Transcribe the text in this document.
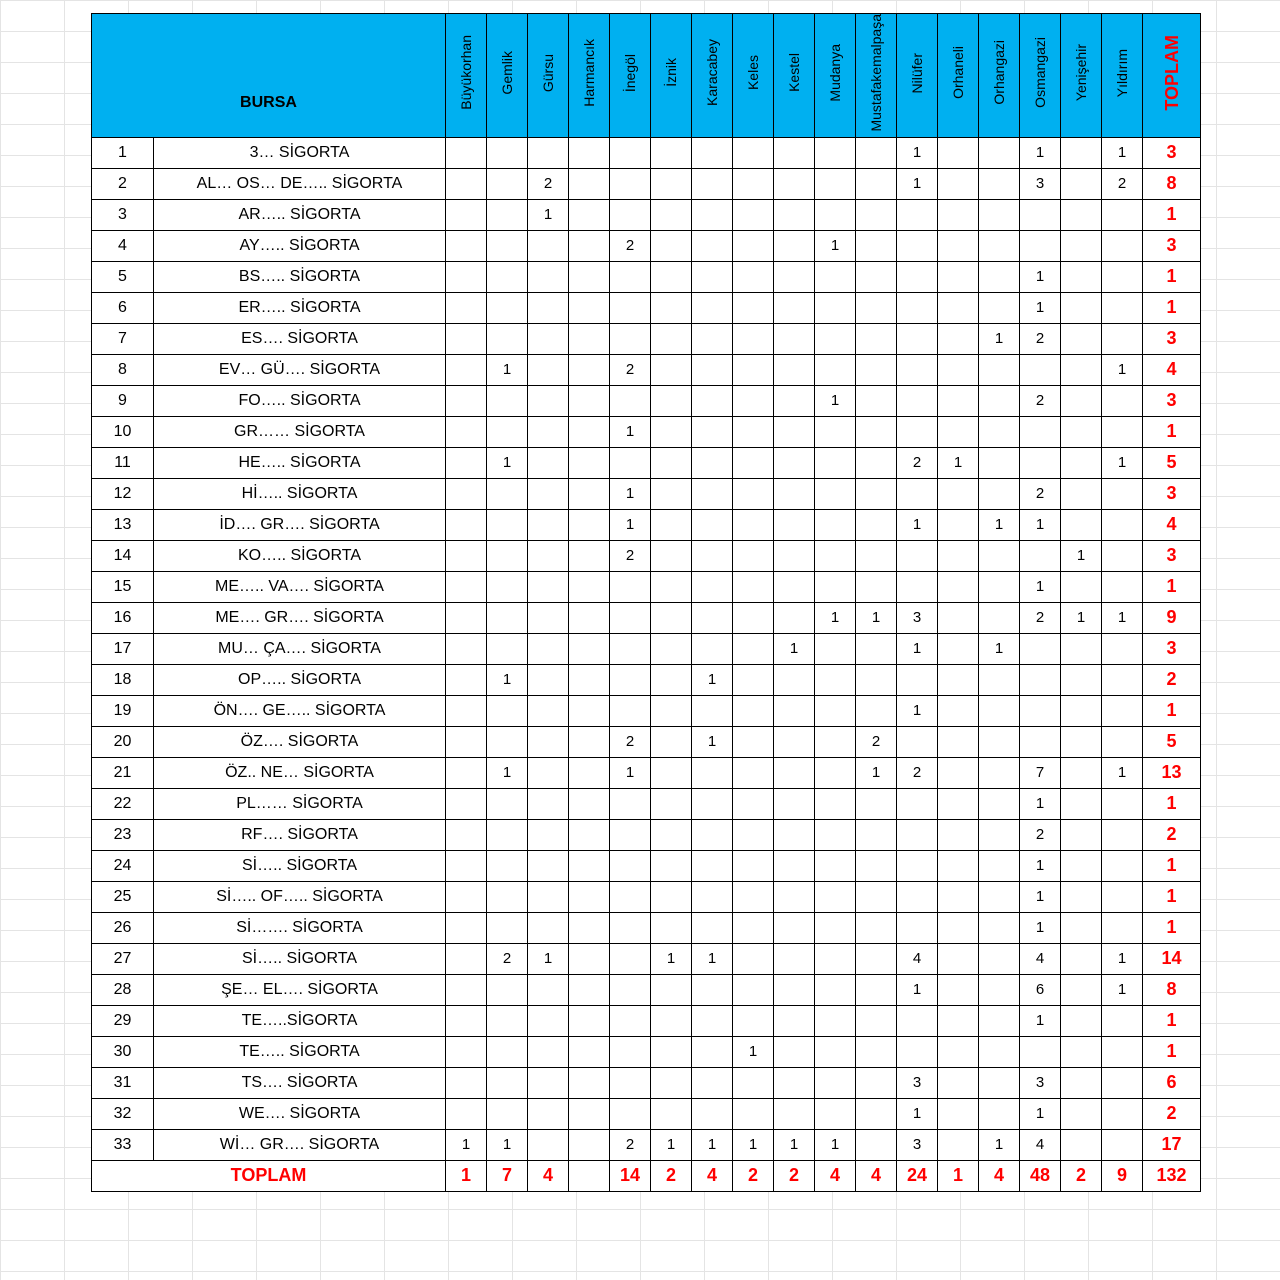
BURSA		Büyükorhan	Gemlik	Gürsu	Harmancık	İnegöl	İznik	Karacabey	Keles	Kestel	Mudanya	Mustafakemalpaşa	Nilüfer	Orhaneli	Orhangazi	Osmangazi	Yenişehir	Yıldırım	TOPLAM
1	3… SİGORTA												1			1		1	3
2	AL… OS… DE….. SİGORTA			2									1			3		2	8
3	AR….. SİGORTA			1															1
4	AY….. SİGORTA					2					1								3
5	BS….. SİGORTA															1			1
6	ER….. SİGORTA															1			1
7	ES…. SİGORTA														1	2			3
8	EV… GÜ…. SİGORTA		1			2												1	4
9	FO….. SİGORTA										1					2			3
10	GR…… SİGORTA					1													1
11	HE….. SİGORTA		1										2	1				1	5
12	Hİ….. SİGORTA					1										2			3
13	İD…. GR…. SİGORTA					1							1		1	1			4
14	KO….. SİGORTA					2											1		3
15	ME….. VA…. SİGORTA															1			1
16	ME…. GR…. SİGORTA										1	1	3			2	1	1	9
17	MU… ÇA…. SİGORTA									1			1		1				3
18	OP….. SİGORTA		1					1											2
19	ÖN…. GE….. SİGORTA												1						1
20	ÖZ…. SİGORTA					2		1				2							5
21	ÖZ.. NE… SİGORTA		1			1						1	2			7		1	13
22	PL…… SİGORTA															1			1
23	RF…. SİGORTA															2			2
24	Sİ….. SİGORTA															1			1
25	Sİ….. OF….. SİGORTA															1			1
26	Sİ……. SİGORTA															1			1
27	Sİ….. SİGORTA		2	1			1	1					4			4		1	14
28	ŞE… EL…. SİGORTA												1			6		1	8
29	TE…..SİGORTA															1			1
30	TE….. SİGORTA								1										1
31	TS…. SİGORTA												3			3			6
32	WE…. SİGORTA												1			1			2
33	Wİ… GR…. SİGORTA	1	1			2	1	1	1	1	1		3		1	4			17
TOPLAM		1	7	4		14	2	4	2	2	4	4	24	1	4	48	2	9	132
